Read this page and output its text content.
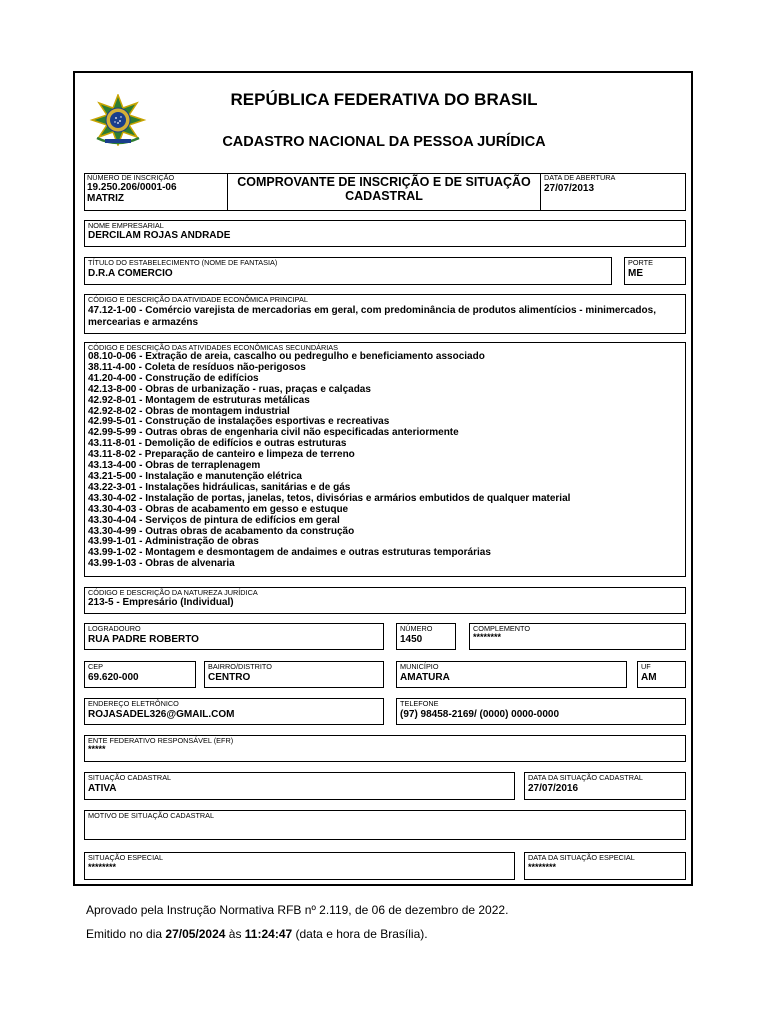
REPÚBLICA FEDERATIVA DO BRASIL
CADASTRO NACIONAL DA PESSOA JURÍDICA
NÚMERO DE INSCRIÇÃO
19.250.206/0001-06
MATRIZ
COMPROVANTE DE INSCRIÇÃO E DE SITUAÇÃO CADASTRAL
DATA DE ABERTURA
27/07/2013
NOME EMPRESARIAL
DERCILAM ROJAS ANDRADE
TÍTULO DO ESTABELECIMENTO (NOME DE FANTASIA)
D.R.A COMERCIO
PORTE
ME
CÓDIGO E DESCRIÇÃO DA ATIVIDADE ECONÔMICA PRINCIPAL
47.12-1-00 - Comércio varejista de mercadorias em geral, com predominância de produtos alimentícios - minimercados,
mercearias e armazéns
CÓDIGO E DESCRIÇÃO DAS ATIVIDADES ECONÔMICAS SECUNDÁRIAS
08.10-0-06 - Extração de areia, cascalho ou pedregulho e beneficiamento associado
38.11-4-00 - Coleta de resíduos não-perigosos
41.20-4-00 - Construção de edifícios
42.13-8-00 - Obras de urbanização - ruas, praças e calçadas
42.92-8-01 - Montagem de estruturas metálicas
42.92-8-02 - Obras de montagem industrial
42.99-5-01 - Construção de instalações esportivas e recreativas
42.99-5-99 - Outras obras de engenharia civil não especificadas anteriormente
43.11-8-01 - Demolição de edifícios e outras estruturas
43.11-8-02 - Preparação de canteiro e limpeza de terreno
43.13-4-00 - Obras de terraplenagem
43.21-5-00 - Instalação e manutenção elétrica
43.22-3-01 - Instalações hidráulicas, sanitárias e de gás
43.30-4-02 - Instalação de portas, janelas, tetos, divisórias e armários embutidos de qualquer material
43.30-4-03 - Obras de acabamento em gesso e estuque
43.30-4-04 - Serviços de pintura de edifícios em geral
43.30-4-99 - Outras obras de acabamento da construção
43.99-1-01 - Administração de obras
43.99-1-02 - Montagem e desmontagem de andaimes e outras estruturas temporárias
43.99-1-03 - Obras de alvenaria
CÓDIGO E DESCRIÇÃO DA NATUREZA JURÍDICA
213-5 - Empresário (Individual)
LOGRADOURO
RUA PADRE ROBERTO
NÚMERO
1450
COMPLEMENTO
********
CEP
69.620-000
BAIRRO/DISTRITO
CENTRO
MUNICÍPIO
AMATURA
UF
AM
ENDEREÇO ELETRÔNICO
ROJASADEL326@GMAIL.COM
TELEFONE
(97) 98458-2169/ (0000) 0000-0000
ENTE FEDERATIVO RESPONSÁVEL (EFR)
*****
SITUAÇÃO CADASTRAL
ATIVA
DATA DA SITUAÇÃO CADASTRAL
27/07/2016
MOTIVO DE SITUAÇÃO CADASTRAL
SITUAÇÃO ESPECIAL
********
DATA DA SITUAÇÃO ESPECIAL
********
Aprovado pela Instrução Normativa RFB nº 2.119, de 06 de dezembro de 2022.
Emitido no dia 27/05/2024 às 11:24:47 (data e hora de Brasília).
